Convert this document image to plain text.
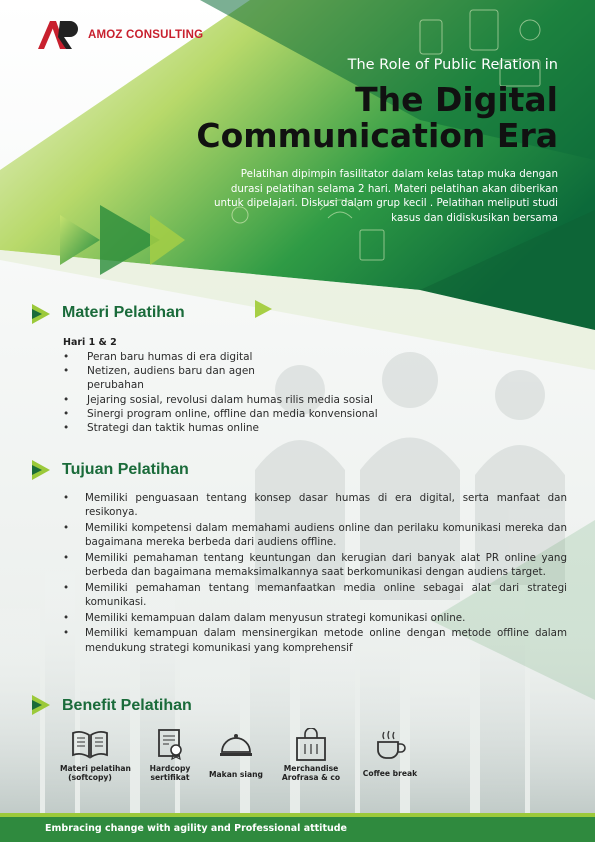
AMOZ CONSULTING
The Role of Public Relation in
The Digital
Communication Era
Pelatihan dipimpin fasilitator dalam kelas tatap muka dengan durasi pelatihan selama 2 hari. Materi pelatihan akan diberikan untuk dipelajari. Diskusi dalam grup kecil . Pelatihan meliputi studi kasus dan didiskusikan bersama
Materi Pelatihan
Hari 1 & 2
• Peran baru humas di era digital
• Netizen, audiens baru dan agen perubahan
• Jejaring sosial, revolusi dalam humas rilis media sosial
• Sinergi program online, offline dan media konvensional
• Strategi dan taktik humas online
Tujuan Pelatihan
• Memiliki penguasaan tentang konsep dasar humas di era digital, serta manfaat dan resikonya.
• Memiliki kompetensi dalam memahami audiens online dan perilaku komunikasi mereka dan bagaimana mereka berbeda dari audiens offline.
• Memiliki pemahaman tentang keuntungan dan kerugian dari banyak alat PR online yang berbeda dan bagaimana memaksimalkannya saat berkomunikasi dengan audiens target.
• Memiliki pemahaman tentang memanfaatkan media online sebagai alat dari strategi komunikasi.
• Memiliki kemampuan dalam dalam menyusun strategi komunikasi online.
• Memiliki kemampuan dalam mensinergikan metode online dengan metode offline dalam mendukung strategi komunikasi yang komprehensif
Benefit Pelatihan
Materi pelatihan
(softcopy)
Hardcopy
sertifikat	Makan siang
Merchandise
Arofrasa & co	Coffee break
Embracing change with agility and Professional attitude
